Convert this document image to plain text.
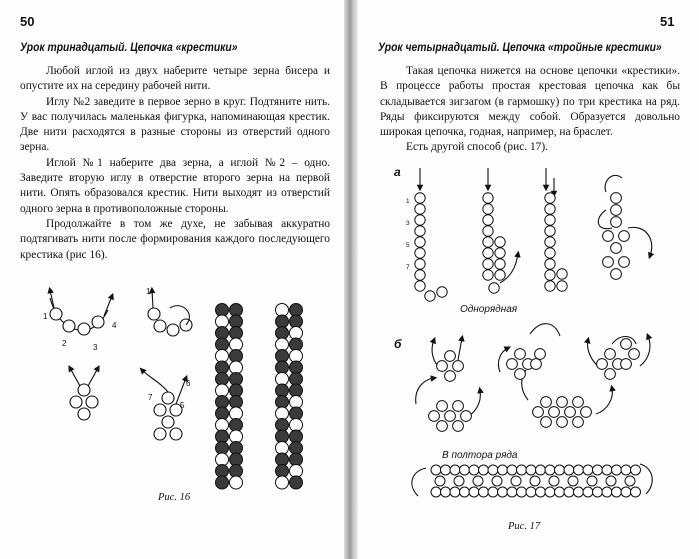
50
Урок тринадцатый. Цепочка «крестики»

Любой иглой из двух наберите четыре зерна бисера и опустите их на середину рабочей нити.

Иглу №2 заведите в первое зерно в круг. Подтяните нить. У вас получилась маленькая фигурка, напоминающая крестик. Две нити расходятся в разные стороны из отверстий одного зерна.

Иглой №1 наберите два зерна, а иглой №2 – одно. Заведите вторую иглу в отверстие второго зерна на первой нити. Опять образовался крестик. Нити выходят из отверстий одного зерна в противоположные стороны.

Продолжайте в том же духе, не забывая аккуратно подтягивать нити после формирования каждого последующего крестика (рис 16).

1
2	3
4
1
5
6
7
Рис. 16
51
Урок четырнадцатый. Цепочка «тройные крестики»

Такая цепочка нижется на основе цепочки «крестики». В процессе работы простая крестовая цепочка как бы складывается зигзагом (в гармошку) по три крестика на ряд. Ряды фиксируются между собой. Образуется довольно широкая цепочка, годная, например, на браслет.

Есть другой способ (рис. 17).

а
б
Однорядная
В полтора ряда
1
3
5
7
Рис. 17
